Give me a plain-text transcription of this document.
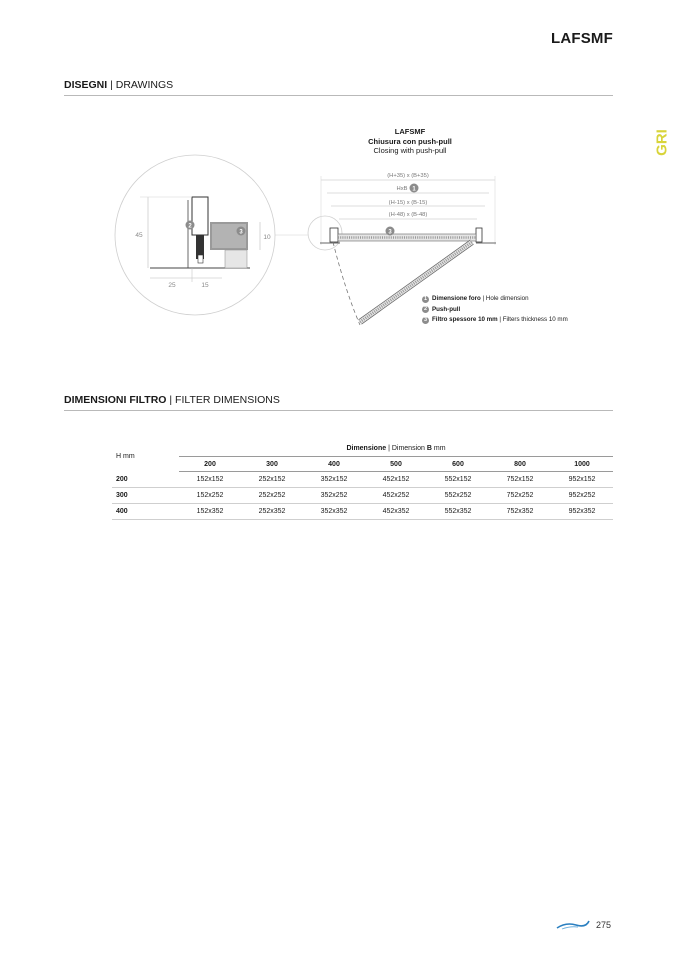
LAFSMF
GRI
DISEGNI | DRAWINGS
LAFSMF
Chiusura con push-pull
Closing with push-pull
45
25	15
10
2
3
(H+35) x (B+35)
HxB 1
(H-15) x (B-15)
(H-48) x (B-48)
3
1 Dimensione foro
| Hole dimension
2 Push-pull
3 Filtro spessore 10 mm
| Filters thickness 10 mm
DIMENSIONI FILTRO | FILTER DIMENSIONS
H mm	Dimensione | Dimension B mm						
	200	300	400	500	600	800	1000
200	152x152	252x152	352x152	452x152	552x152	752x152	952x152
300	152x252	252x252	352x252	452x252	552x252	752x252	952x252
400	152x352	252x352	352x352	452x352	552x352	752x352	952x352
275
